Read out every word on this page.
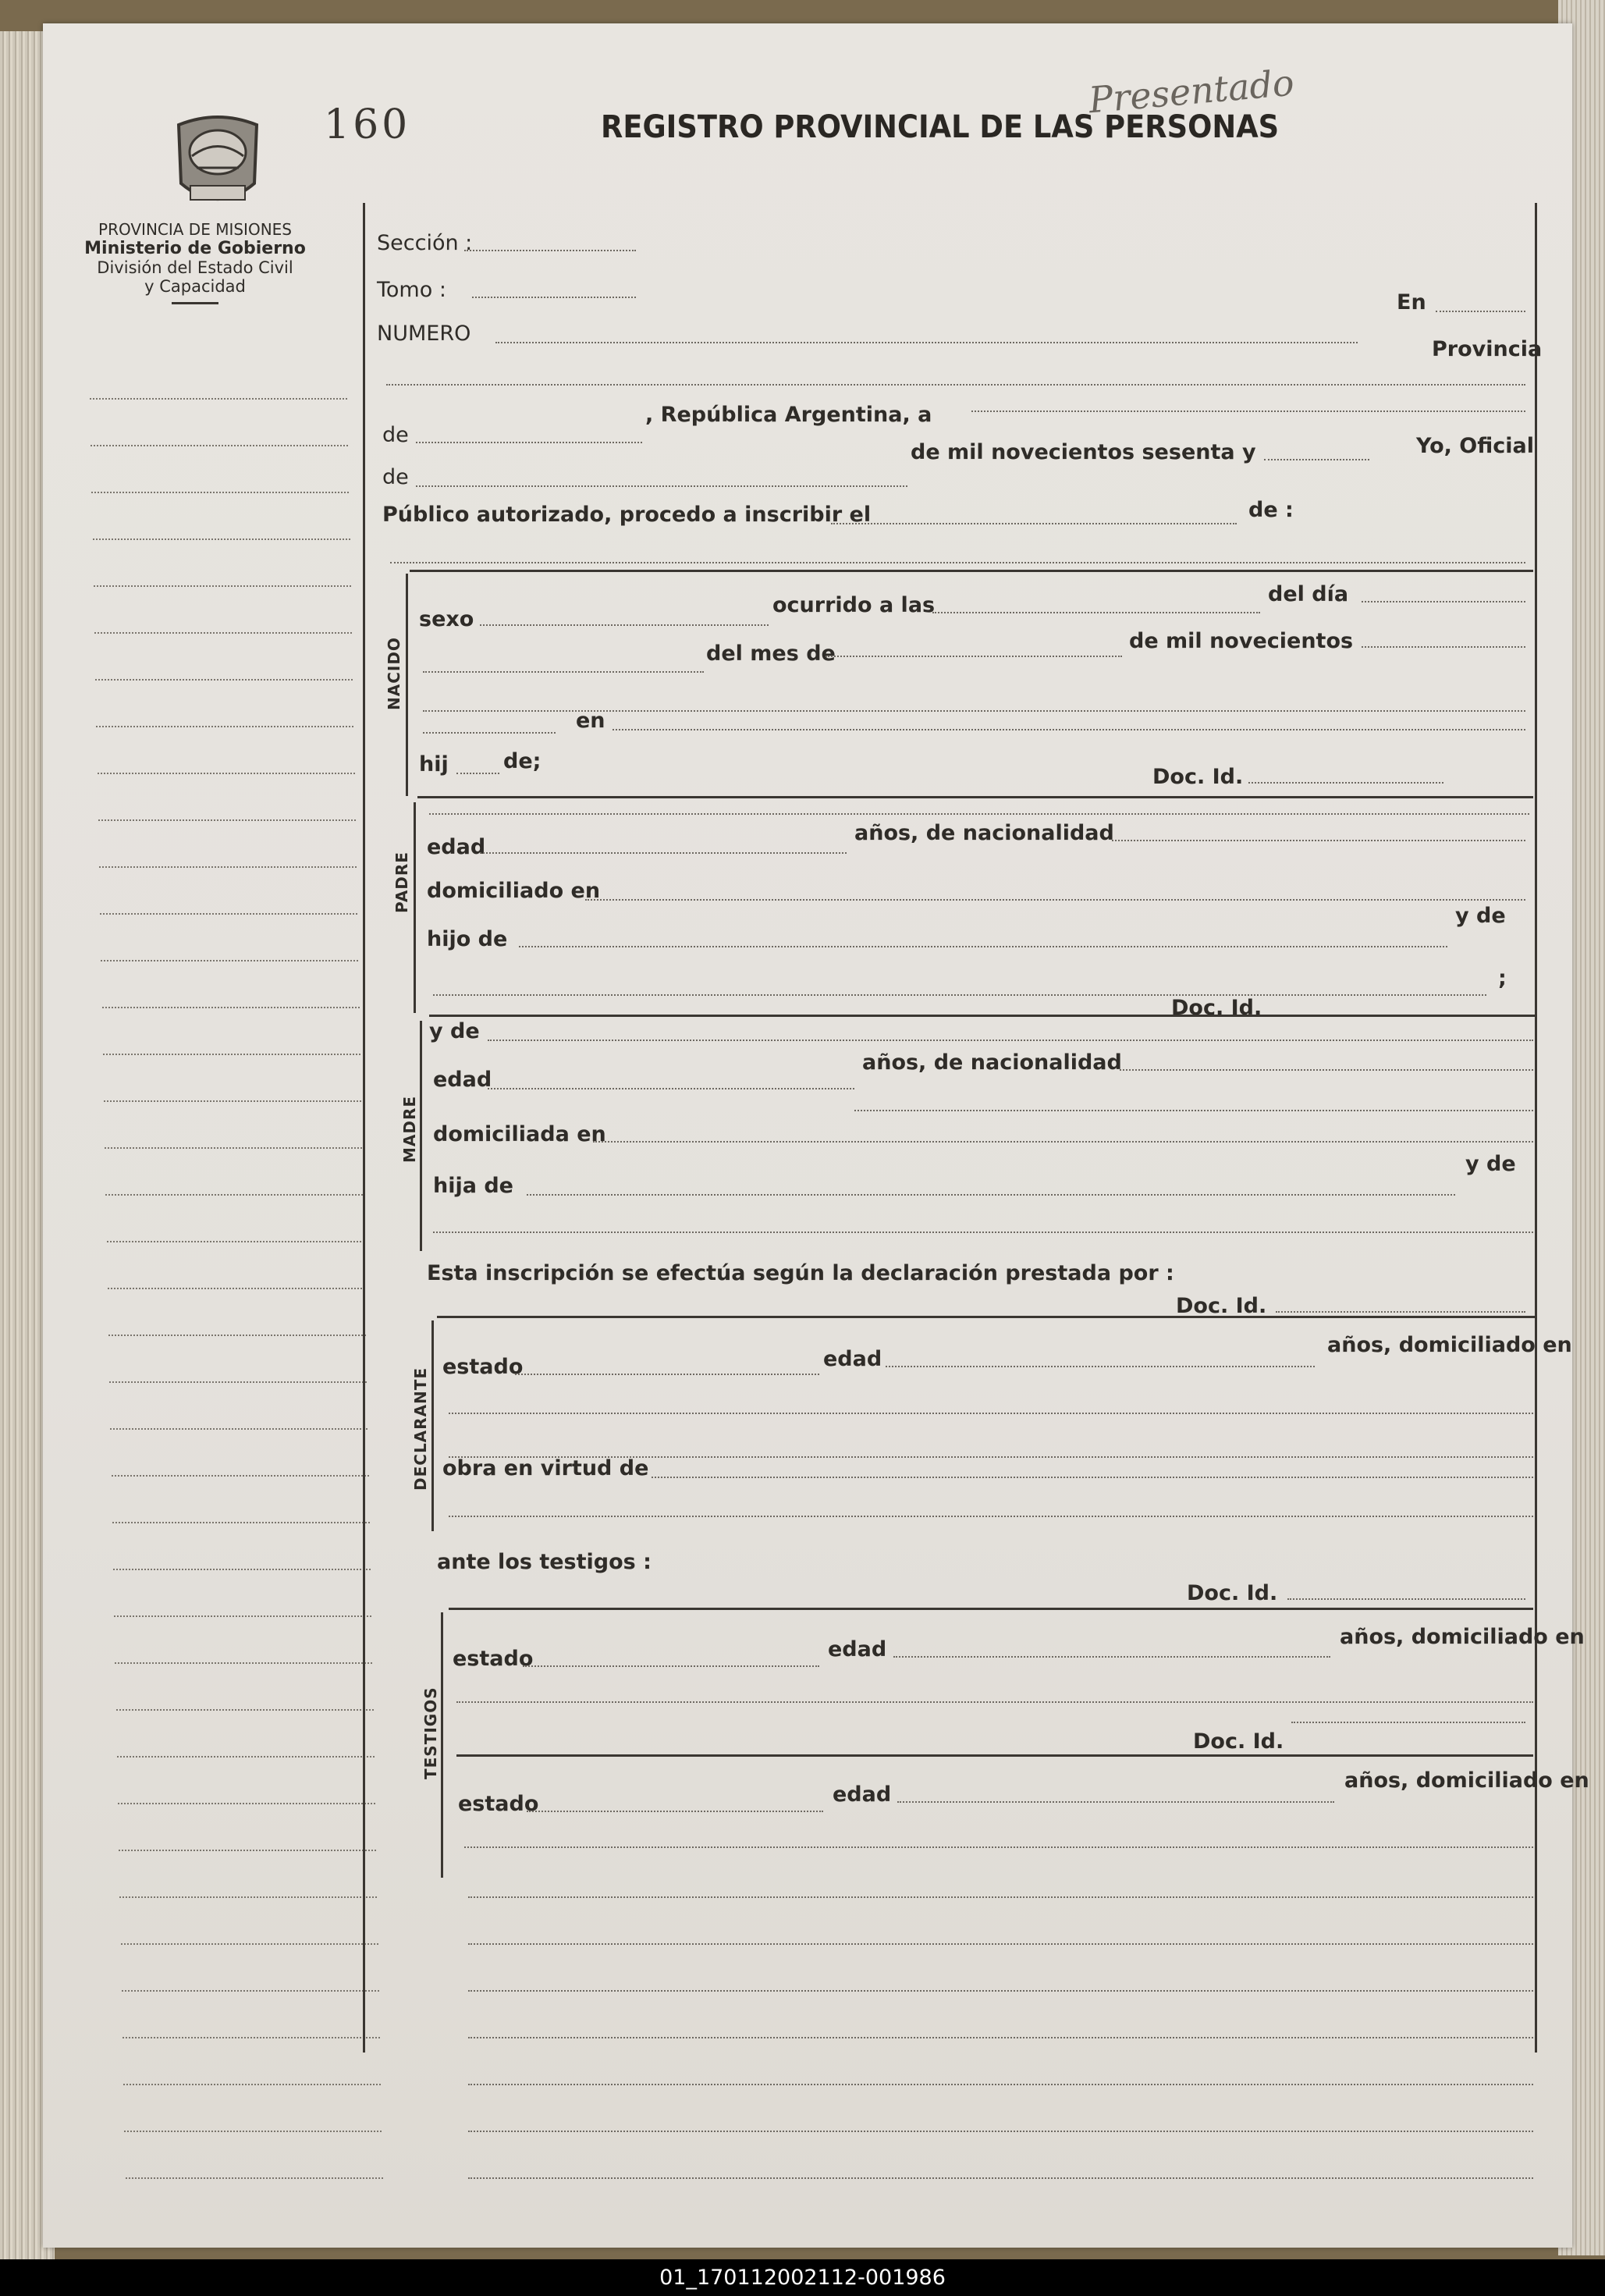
160	REGISTRO PROVINCIAL DE LAS PERSONAS
Presentado
PROVINCIA DE MISIONES
Ministerio de Gobierno
División del Estado Civil
y Capacidad
Sección :
Tomo :
NUMERO
En
Provincia
de
, República Argentina, a
de
de mil novecientos sesenta y	Yo, Oficial
Público autorizado, procedo a inscribir el	de :
NACIDO
sexo
ocurrido a las	del día
del mes de
de mil novecientos
en
hij	de;
Doc. Id.
PADRE
edad
años, de nacionalidad
domiciliado en
hijo de
y de
;
Doc. Id.
MADRE
y de
edad
años, de nacionalidad
domiciliada en
hija de
y de
Esta inscripción se efectúa según la declaración prestada por :
Doc. Id.
DECLARANTE
estado	edad
años, domiciliado en
obra en virtud de
ante los testigos :
Doc. Id.
TESTIGOS
estado	edad
años, domiciliado en
Doc. Id.
estado	edad
años, domiciliado en
01_170112002112-001986
